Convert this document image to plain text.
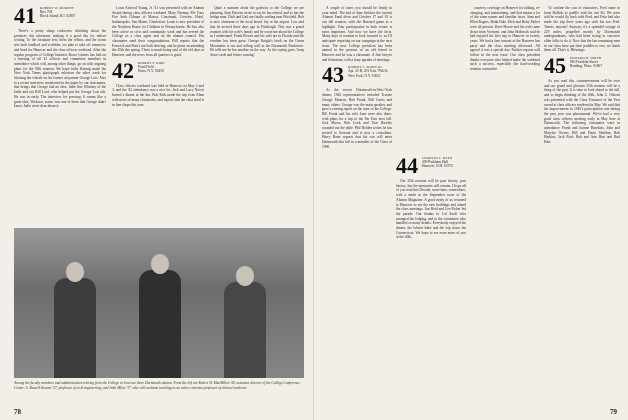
41	ROBERT W. MURPHY
Box 794
Block Island, R.I. 02807

There's a pretty sharp corkscrew whistling about the premises this afternoon, making it a good day for indoor writing. To the fortunate few, bless the cellars, and the storm sets both landlord and scribbler, we plan to take off tomorrow and head for Hanover and the class officers weekend. After the regular program of College business Bruce Grimes has laid on a meeting of all '41 officers and committee members in attendance which will, among other things, go on with ongoing plans for the 50th reunion. We hope Jadie Kunnig made the New York Times photograph selection the other week for blowing the whistle on his former ad partner George Lois. Also in a recent interview, mentioned in the paper by our classmates, that brings that George had no idea. Jadie fine Whitney of the Jadie and our Bill Lord, who helped put the George Lois ads. He was in early. The interview for pressing. It seems like a great idea, Wickson, some, was one of them that George didn't know. Jadie went clear about it.

Louis Atwood Young, Jr. '41 was presented with an Alumni Award during class officers weekend. Mary Thomas, Mr. Tony Fire Seth Gilman of Mason, Cincinnati, Crewley, Hotel, Indianapolis, San Mateo, Charleston. Louie is now president of the Northern Home for Children in Pennsylvania. He has also been active in civic and community work and has served the College as a class agent and on the alumni council. His classmates send their congratulations. Bill reports that the Fenwick and Pratt's are both thriving, and he plans on attending the 45th this spring. There is much being said of the old days at Hanover, and the news from all quarters is good.

42	ROBERT F. KIRK
Pond Field
Elma, N.Y. 03450

Class officers weekend was held in Hanover on May 2 and 3, and the '42 attendance was a nice lot. Jack and Lucy Norris hosted a dinner at the Inn. Bob Kirk made the trip from Elma with news of many classmates, and reports that the class fund is in fine shape this year.

Quite a summer about the gateway to the College we are planning. Stan Parsons wrote to say he has retired, and so has the bridge man. Dick and Gail are finally settling near Pittsfield. Bob is now chairman of the local board. Jay at the airport. Lou said that he arrived three days ago in Pittsburgh. This was a grand reunion with his wife's family and he wrote me about the College as I understand. Frank Bowes and his wife are in Florida and the weather has been great. George Knight's book on the Green Mountains is out and selling well at the Dartmouth Bookstore. He tells me he has another on the way. As the saying goes, 'keep those cards and letters coming.'

Among the faculty members and administrators retiring from the College in June are three Dartmouth alumni. From the left are Robert W. MacMillen '40, assistant director of the College Conference Center; S. Russell Stearns '37, professor of civil engineering; and John Milne '37, who will continue teaching as an active emeritus professor of clinical medicine.
78

A couple of notes you should be firmly in your mind. The end of June finishes the current Alumni Fund drive and October 17 and 18 is our fall reunion, with the Harvard game as a highlight. Your participation in both events is most important. And now we have the facts. Many days of reunion to look forward to, so I'll anticipate reporting on our campaign in the next issue. The new College president has been named in the persons of an old friend in Hanover and he was a classmate. A fine lawyer and fisherman, with a busy agenda of meetings.

43	ROBERT L. MARX III
Apt. 25 B, 201 East 79th St.
New York, N.Y. 10021

At the recent Dartmouth-in-New-York dinner, 1943 representatives included Trustee George Munroe, Bob Frank, Bill Curtis and many others. George was the main speaker, and gave a stirring report on the state of the College. Bill Frank and his wife Jane were also there, with plans for a trip to the Far East next fall. Jack Morse, Bob Cook and Tom Hawley rounded out the table. Phil Holden writes he has moved to Arizona and is now a consultant. Harry Bates reports that his son will enter Dartmouth this fall as a member of the Class of 1990.

44	CHARLES L. KEEN
209 Parkham Hall
Hanover, N.H. 03755

Our 35th reunion will be past history, past history, but the memories will remain. I hope all of you read this Decade, some time, somewhere, with a smile in the September issue of the Alumni Magazine. A good many of us returned to Hanover to see the new buildings and attend the class meetings. Jim Reid and Lee Fisher led the parade. Our thanks to Cal Swift who arranged the lodging, and to the committee who handled so many details. Everybody enjoyed the dinner, the lobster bake and the trip down the Connecticut. We hope to see even more of you at the 40th.

courtesy coverage on Hanover for talking, re-charging, and maintaining, and that means a lot of the same names and familiar faces. Sam and Ellen Rogers, Hank Dale, Dick and Betty Parker were all present. Dave Moore and his wife came down from Vermont, and John Holbrook said he had enjoyed his first trip to Hanover in twenty years. We had a fine turnout at the Hanover Inn party and the class meeting afterward. All agreed it was a special day. Further reports will follow in the next issue. Our class president thanks everyone who helped make the weekend such a success, especially the hard-working reunion committee.

To confine the cast of characters, Fred came in from Buffalo to paddle with his son Ed. We were told he would fly back with Fred, and Fritz had also made the trip three years ago with his son Fred. Tennis, anyone? Anyway, it's a splendid voyage of 229 miles, propelled mostly by Dartmouth undergraduates, who had been trying to convince older folks to do it. Now that the last remaining men in our class have put their paddles to rest, we thank them all. That's it. Blessings.

45	EDWARD B. SMITH
865 Franklin Street
Reading, Mass. 01867

As you read this, commencement will be over and our grand and glorious 35th reunion will be a thing of the past. It is time to look ahead to the fall, and to begin thinking of the 40th. John C. Osborn was presented with the Class Treasurer of the Year award at class officers weekend in May. We said that his improvement in 1945's participation rate during the past year was phenomenal. We've had a very good class officers meeting early in May here at Dartmouth. The following classmates were in attendance: Frank and Joanne Hawkins, John and Marylee Owens, Bill and Pattie Sheldon, Bob Harkins, Jack Ford, Bob and Ann Hart and Bud Hart.

79
